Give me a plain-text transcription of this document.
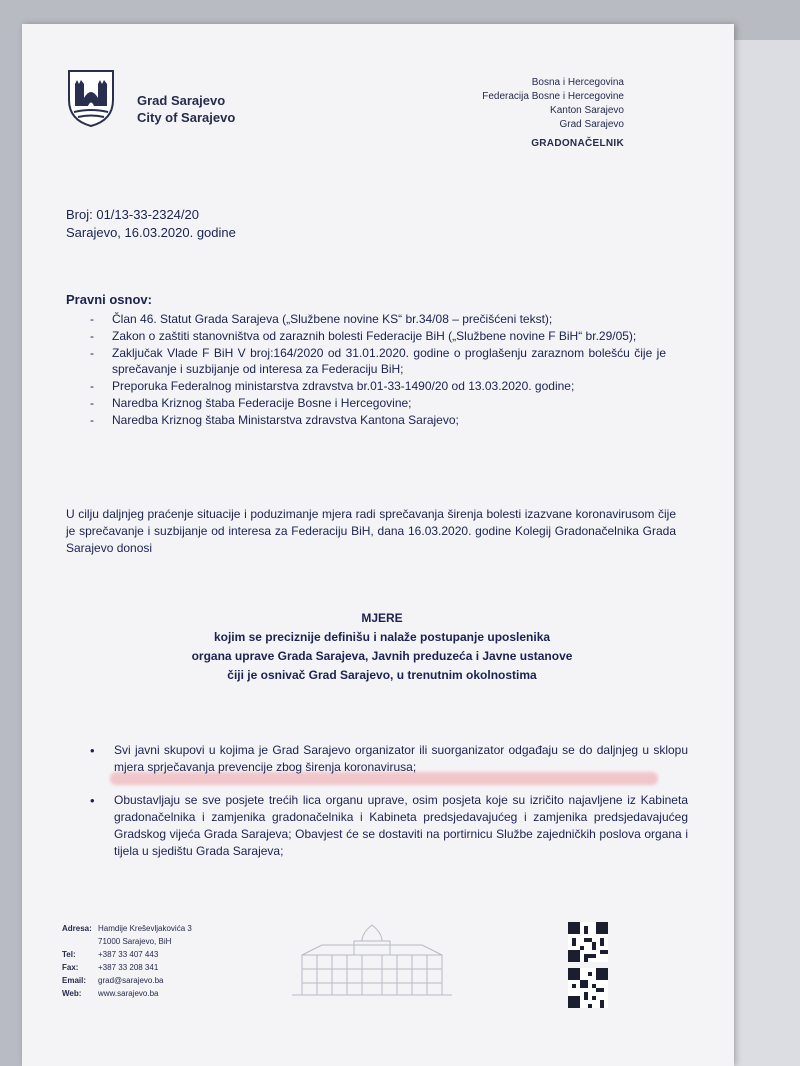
Grad Sarajevo
City of Sarajevo
Bosna i Hercegovina
Federacija Bosne i Hercegovine
Kanton Sarajevo
Grad Sarajevo
GRADONAČELNIK
Broj: 01/13-33-2324/20
Sarajevo, 16.03.2020. godine
Pravni osnov:
- Član 46. Statut Grada Sarajeva („Službene novine KS“ br.34/08 – prečišćeni tekst);
- Zakon o zaštiti stanovništva od zaraznih bolesti Federacije BiH („Službene novine F BiH“ br.29/05);
- Zaključak Vlade F BiH V broj:164/2020 od 31.01.2020. godine o proglašenju zaraznom bolešću čije je sprečavanje i suzbijanje od interesa za Federaciju BiH;
- Preporuka Federalnog ministarstva zdravstva br.01-33-1490/20 od 13.03.2020. godine;
- Naredba Kriznog štaba Federacije Bosne i Hercegovine;
- Naredba Kriznog štaba Ministarstva zdravstva Kantona Sarajevo;
U cilju daljnjeg praćenje situacije i poduzimanje mjera radi sprečavanja širenja bolesti izazvane koronavirusom čije je sprečavanje i suzbijanje od interesa za Federaciju BiH, dana 16.03.2020. godine Kolegij Gradonačelnika Grada Sarajevo donosi
MJERE
kojim se preciznije definišu i nalaže postupanje uposlenika
organa uprave Grada Sarajeva, Javnih preduzeća i Javne ustanove
čiji je osnivač Grad Sarajevo, u trenutnim okolnostima
• Svi javni skupovi u kojima je Grad Sarajevo organizator ili suorganizator odgađaju se do daljnjeg u sklopu mjera sprječavanja prevencije zbog širenja koronavirusa;
• Obustavljaju se sve posjete trećih lica organu uprave, osim posjeta koje su izričito najavljene iz Kabineta gradonačelnika i zamjenika gradonačelnika i Kabineta predsjedavajućeg i zamjenika predsjedavajućeg Gradskog vijeća Grada Sarajeva; Obavjest će se dostaviti na portirnicu Službe zajedničkih poslova organa i tijela u sjedištu Grada Sarajeva;
Adresa:	Hamdije Kreševljakovića 3
	71000 Sarajevo, BiH
Tel:	+387 33 407 443
Fax:	+387 33 208 341
Email:	grad@sarajevo.ba
Web:	www.sarajevo.ba
